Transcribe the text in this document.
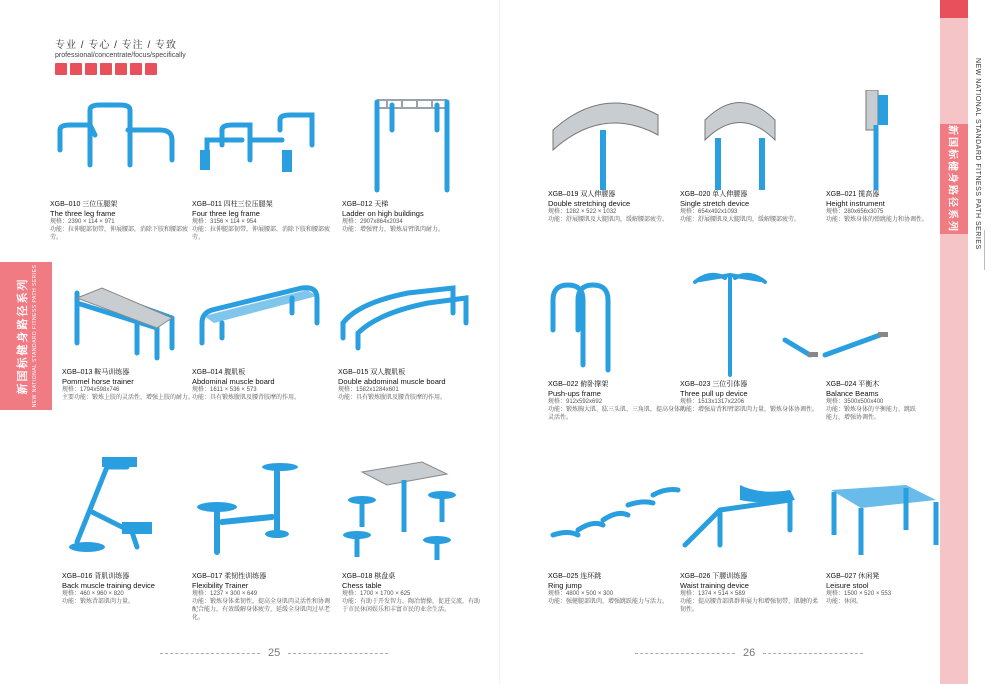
专业 / 专心 / 专注 / 专致
professional/concentrate/focus/specifically
新国标健身路径系列 NEW NATIONAL STANDARD FITNESS PATH SERIES
新国标健身路径系列	NEW NATIONAL STANDARD FITNESS PATH SERIES
XGB–010 三位压腿架
The three leg frame
规格：2390 × 114 × 971
功能：拉伸腿部韧带，伸展腰部，消除下肢和腰部疲劳。
XGB–011 四柱三位压腿架
Four three leg frame
规格：3156 × 114 × 954
功能：拉伸腿部韧带，伸展腰部，消除下肢和腰部疲劳。
XGB–012 天梯
Ladder on high buildings
规格：2907x864x2034
功能：增强臂力，锻炼肩臂肌肉耐力。
XGB–013 鞍马训练器
Pommel horse trainer
规格：1794x598x746
主要功能：锻炼上肢的灵活性，增强上肢的耐力。
XGB–014 腹肌板
Abdominal muscle board
规格：1611 × 536 × 573
功能：具有锻炼腹肌及腰背肢摩的作用。
XGB–015 双人腹肌板
Double abdominal muscle board
规格：1582x1284x601
功能：具有锻炼腹肌及腰背肢摩的作用。
XGB–016 背肌训练器
Back muscle training device
规格：460 × 960 × 820
功能：锻炼背部肌肉力量。
XGB–017 柔韧性训练器
Flexibility Trainer
规格：1237 × 300 × 649
功能：锻炼身体柔韧性，提高全身肌肉灵活性和协调配合能力，有效缓解身体疲劳，延缓全身肌肉过早老化。
XGB–018 棋盘桌
Chess table
规格：1700 × 1700 × 625
功能：有助于开发智力，陶冶情操，促进交流，有助于市民休闲娱乐和丰富市民的业余生活。
XGB–019 双人伸腰器
Double stretching device
规格：1282 × 522 × 1032
功能：舒展腰肌及大腿肌肉，缓解腰部疲劳。
XGB–020 单人伸腰器
Single stretch device
规格：654x492x1093
功能：舒展腰肌及大腿肌肉，缓解腰部疲劳。
XGB–021 揽高器
Height instrument
规格：280x656x3075
功能：锻炼身体的弹跳能力和协调性。
XGB–022 俯卧撑架
Push-ups frame
规格：912x592x692
功能：锻炼胸大肌、肱三头肌、三角肌，提高身体的灵活性。
XGB–023 三位引体器
Three pull up device
规格：1513x1317x2206
功能：增强肩背和臂部肌肉力量，锻炼身体协调性。
XGB–024 平衡木
Balance Beams
规格：3500x500x400
功能：锻炼身体的平衡能力、跳跃能力，增强协调性。
XGB–025 连环跳
Ring jump
规格：4800 × 500 × 300
功能：强健腿部肌肉，增强跳跃能力与活力。
XGB–026 下腰训练器
Waist training device
规格：1374 × 514 × 589
功能：提高腰背部肌群伸展力和增强韧带、肌腱的柔韧性。
XGB–027 休闲凳
Leisure stool
规格：1500 × 520 × 553
功能：休闲。
25	26
